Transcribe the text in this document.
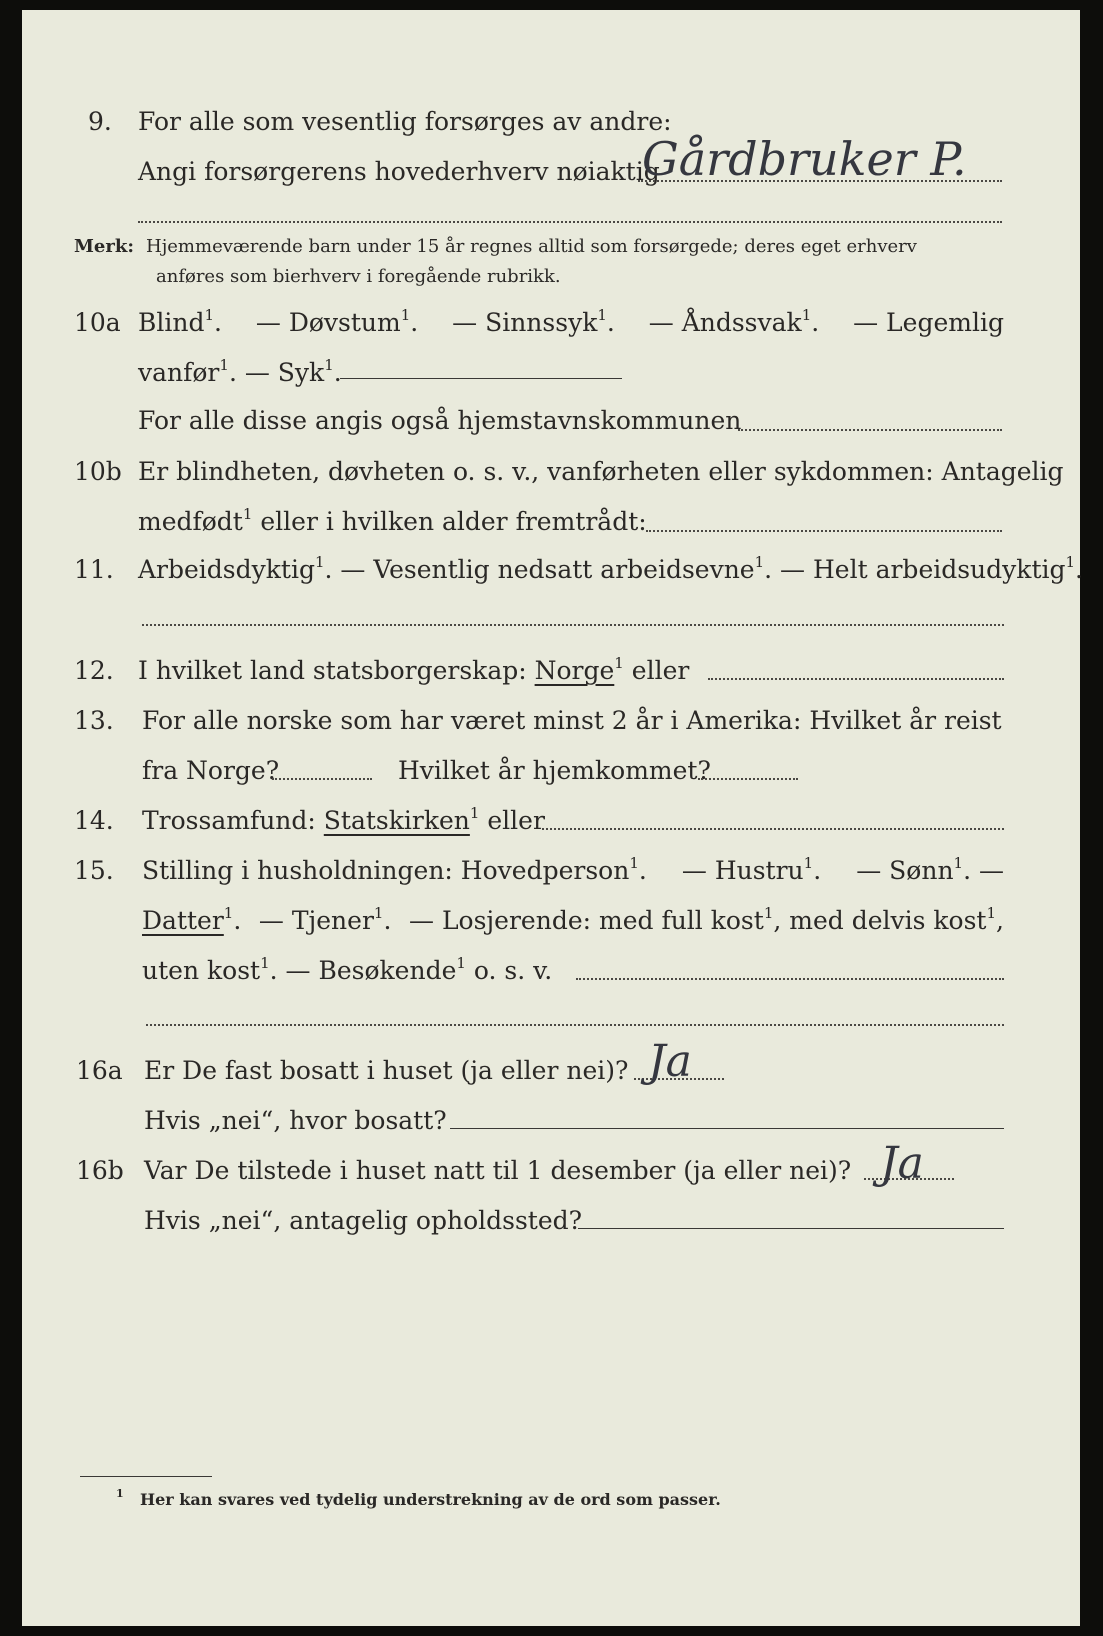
9. For alle som vesentlig forsørges av andre:
Angi forsørgerens hovederhverv nøiaktig
Gårdbruker P.
Merk: Hjemmeværende barn under 15 år regnes alltid som forsørgede; deres eget erhverv
anføres som bierhverv i foregående rubrikk.
10a Blind$^1$. — Døvstum$^1$. — Sinnssyk$^1$. — Åndssvak$^1$. — Legemlig
vanfør$^1$. — Syk$^1$.
For alle disse angis også hjemstavnskommunen
10b Er blindheten, døvheten o. s. v., vanførheten eller sykdommen: Antagelig
medfødt$^1$ eller i hvilken alder fremtrådt:
11. Arbeidsdyktig$^1$. — Vesentlig nedsatt arbeidsevne$^1$. — Helt arbeidsudyktig$^1$.
12. I hvilket land statsborgerskap: Norge$^1$ eller
13. For alle norske som har været minst 2 år i Amerika: Hvilket år reist
fra Norge?	Hvilket år hjemkommet?
14. Trossamfund: Statskirken$^1$ eller
15. Stilling i husholdningen: Hovedperson$^1$. — Hustru$^1$. — Sønn$^1$. —
Datter$^1$. — Tjener$^1$. — Losjerende: med full kost$^1$, med delvis kost$^1$,
uten kost$^1$. — Besøkende$^1$ o. s. v.
16a Er De fast bosatt i huset (ja eller nei)? Ja
Hvis „nei“, hvor bosatt?
16b Var De tilstede i huset natt til 1 desember (ja eller nei)? Ja
Hvis „nei“, antagelig opholdssted?
1 Her kan svares ved tydelig understrekning av de ord som passer.
